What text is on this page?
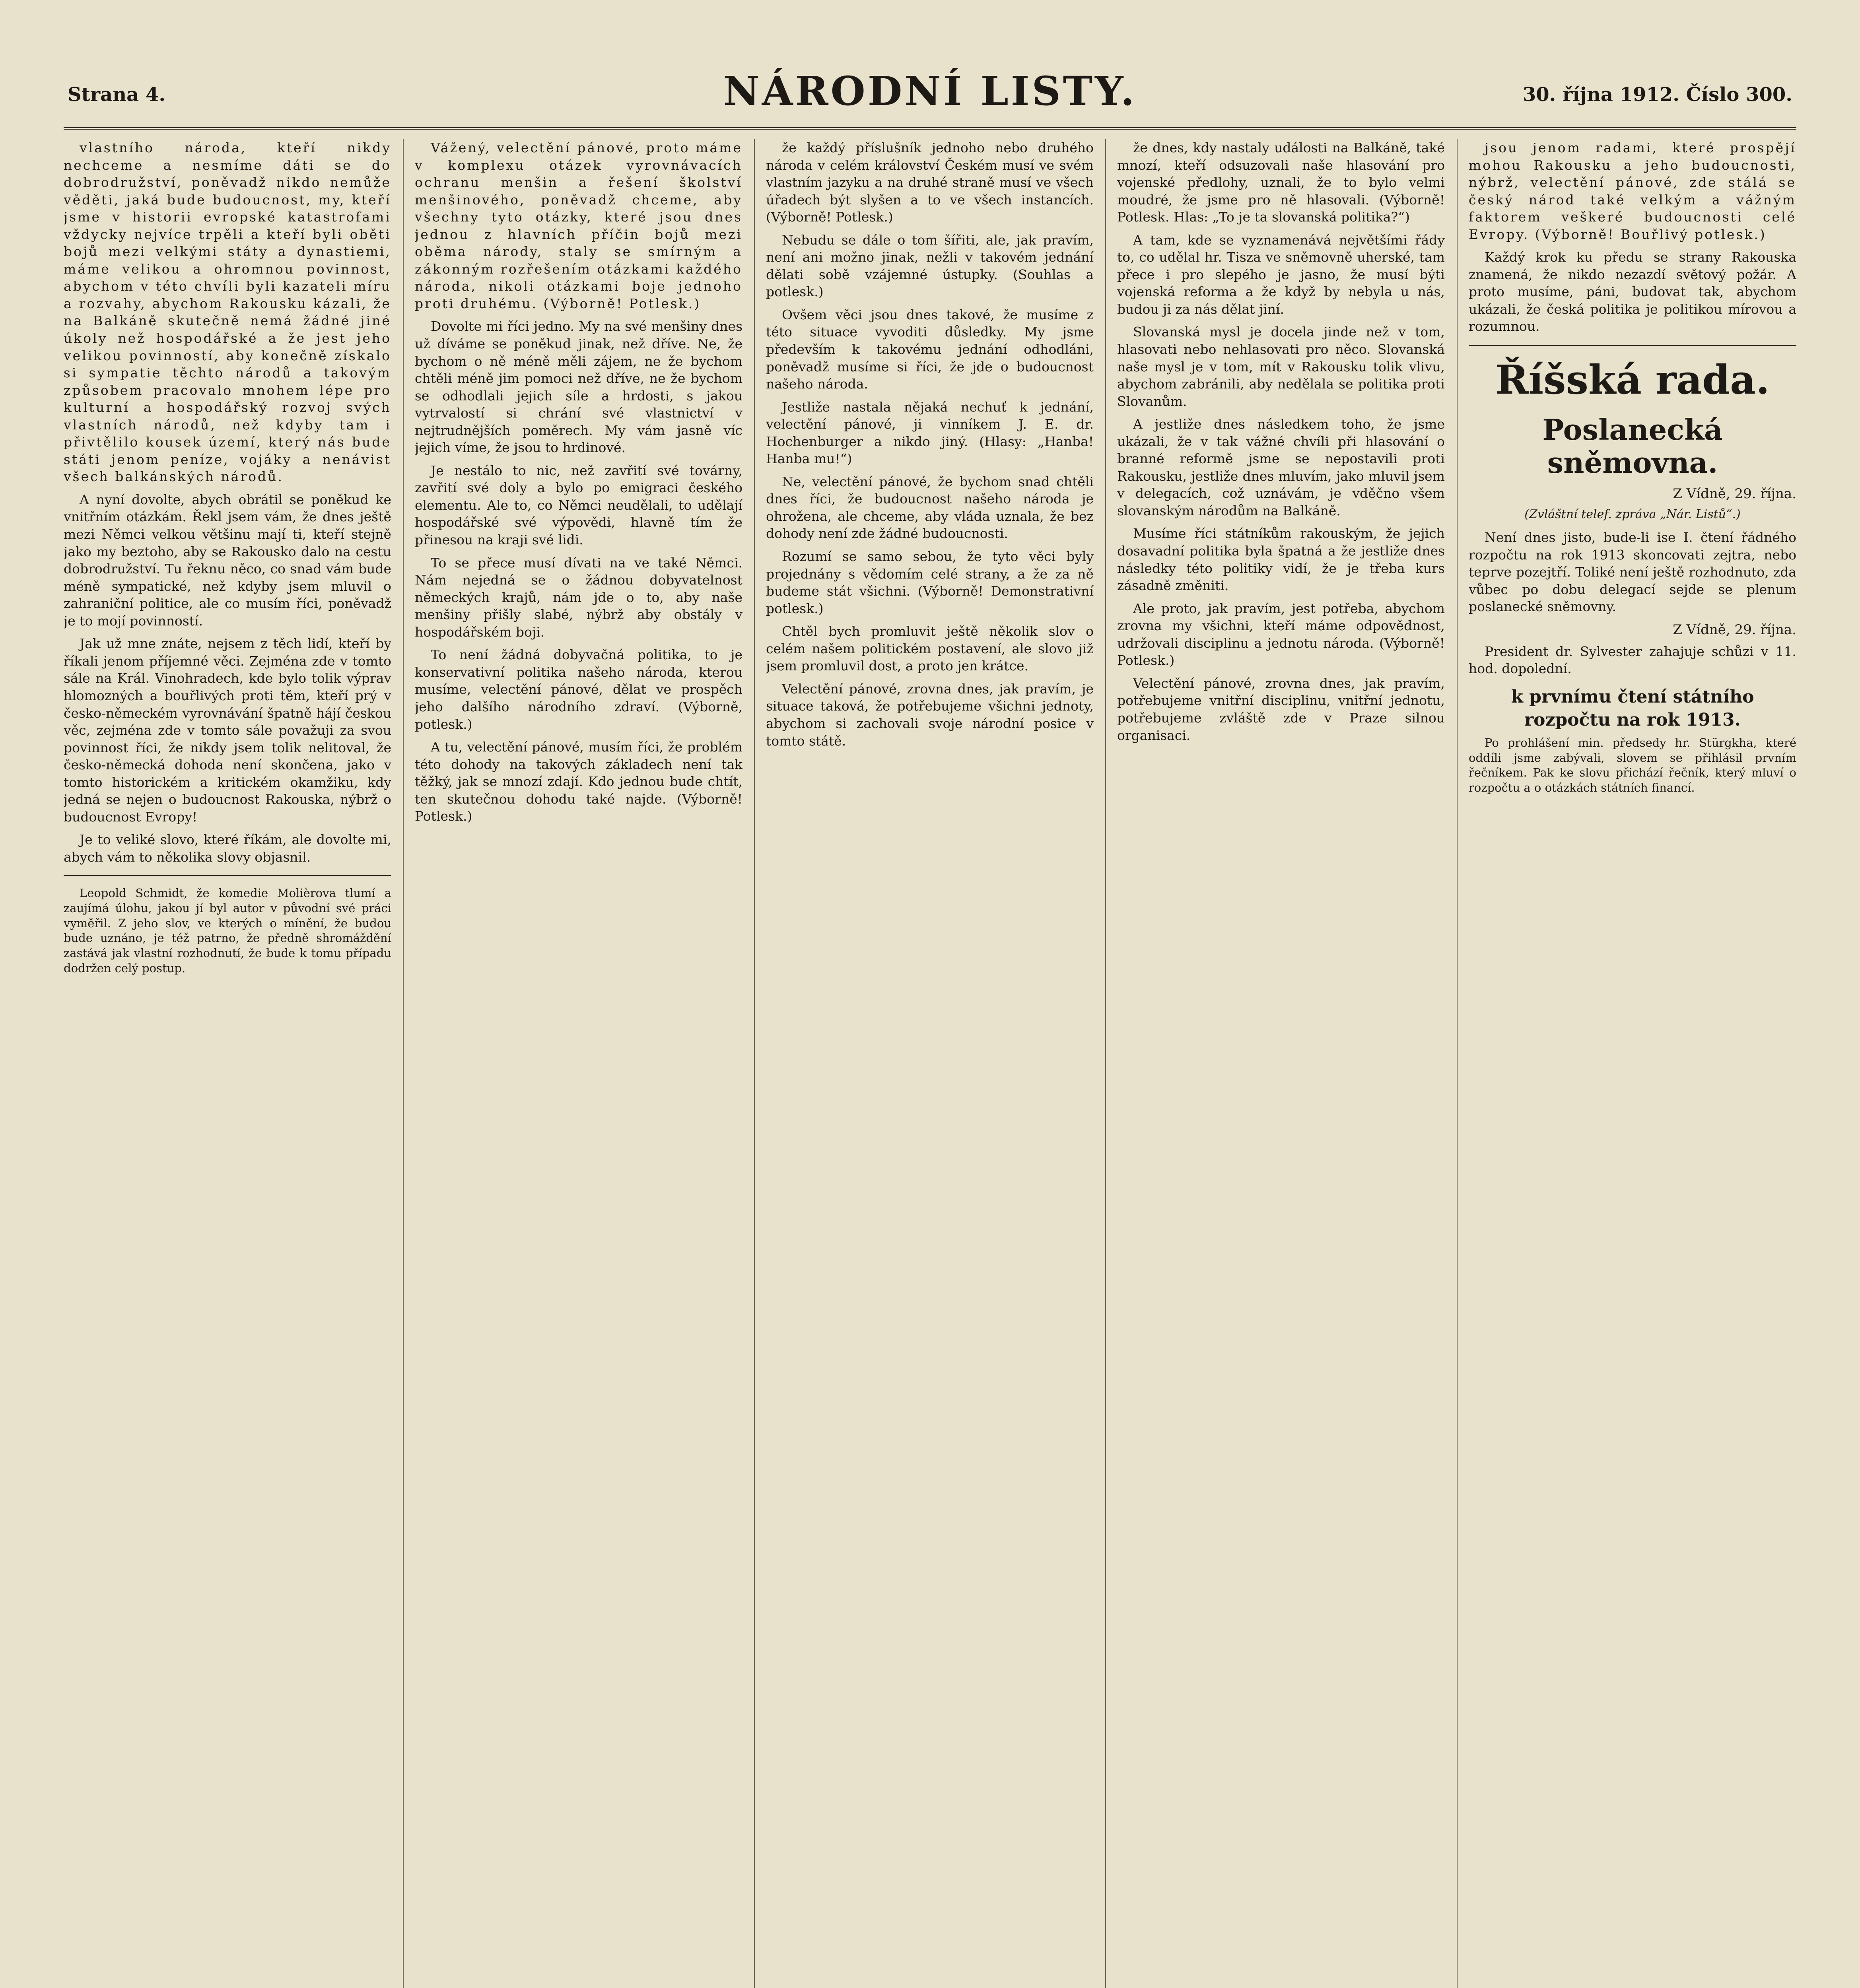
Strana 4.	NÁRODNÍ LISTY.	30. října 1912. Číslo 300.

vlastního národa, kteří nikdy nechceme a nesmíme dáti se do dobrodružství, poněvadž nikdo nemůže věděti, jaká bude budoucnost, my, kteří jsme v historii evropské katastrofami vždycky nejvíce trpěli a kteří byli oběti bojů mezi velkými státy a dynastiemi, máme velikou a ohromnou povinnost, abychom v této chvíli byli kazateli míru a rozvahy, abychom Rakousku kázali, že na Balkáně skutečně nemá žádné jiné úkoly než hospodářské a že jest jeho velikou povinností, aby konečně získalo si sympatie těchto národů a takovým způsobem pracovalo mnohem lépe pro kulturní a hospodářský rozvoj svých vlastních národů, než kdyby tam i přivtělilo kousek území, který nás bude státi jenom peníze, vojáky a nenávist všech balkánských národů.

A nyní dovolte, abych obrátil se poněkud ke vnitřním otázkám. Řekl jsem vám, že dnes ještě mezi Němci velkou většinu mají ti, kteří stejně jako my beztoho, aby se Rakousko dalo na cestu dobrodružství. Tu řeknu něco, co snad vám bude méně sympatické, než kdyby jsem mluvil o zahraniční politice, ale co musím říci, poněvadž je to mojí povinností.

Jak už mne znáte, nejsem z těch lidí, kteří by říkali jenom příjemné věci. Zejména zde v tomto sále na Král. Vinohradech, kde bylo tolik výprav hlomozných a bouřlivých proti těm, kteří prý v česko-německém vyrovnávání špatně hájí českou věc, zejména zde v tomto sále považuji za svou povinnost říci, že nikdy jsem tolik nelitoval, že česko-německá dohoda není skončena, jako v tomto historickém a kritickém okamžiku, kdy jedná se nejen o budoucnost Rakouska, nýbrž o budoucnost Evropy!

Je to veliké slovo, které říkám, ale dovolte mi, abych vám to několika slovy objasnil.

Leopold Schmidt, že komedie Molièrova tlumí a zaujímá úlohu, jakou jí byl autor v původní své práci vyměřil. Z jeho slov, ve kterých o mínění, že budou bude uznáno, je též patrno, že předně shromáždění zastává jak vlastní rozhodnutí, že bude k tomu případu dodržen celý postup.

Vážený, velectění pánové, proto máme v komplexu otázek vyrovnávacích ochranu menšin a řešení školství menšinového, poněvadž chceme, aby všechny tyto otázky, které jsou dnes jednou z hlavních příčin bojů mezi oběma národy, staly se smírným a zákonným rozřešením otázkami každého národa, nikoli otázkami boje jednoho proti druhému. (Výborně! Potlesk.)

Dovolte mi říci jedno. My na své menšiny dnes už díváme se poněkud jinak, než dříve. Ne, že bychom o ně méně měli zájem, ne že bychom chtěli méně jim pomoci než dříve, ne že bychom se odhodlali jejich síle a hrdosti, s jakou vytrvalostí si chrání své vlastnictví v nejtrudnějších poměrech. My vám jasně víc jejich víme, že jsou to hrdinové.

Je nestálo to nic, než zavřití své továrny, zavřití své doly a bylo po emigraci českého elementu. Ale to, co Němci neudělali, to udělají hospodářské své výpovědi, hlavně tím že přinesou na kraji své lidi.

To se přece musí dívati na ve také Němci. Nám nejedná se o žádnou dobyvatelnost německých krajů, nám jde o to, aby naše menšiny přišly slabé, nýbrž aby obstály v hospodářském boji.

To není žádná dobyvačná politika, to je konservativní politika našeho národa, kterou musíme, velectění pánové, dělat ve prospěch jeho dalšího národního zdraví. (Výborně, potlesk.)

A tu, velectění pánové, musím říci, že problém této dohody na takových základech není tak těžký, jak se mnozí zdají. Kdo jednou bude chtít, ten skutečnou dohodu také najde. (Výborně! Potlesk.)

že každý příslušník jednoho nebo druhého národa v celém království Českém musí ve svém vlastním jazyku a na druhé straně musí ve všech úřadech být slyšen a to ve všech instancích. (Výborně! Potlesk.)

Nebudu se dále o tom šířiti, ale, jak pravím, není ani možno jinak, nežli v takovém jednání dělati sobě vzájemné ústupky. (Souhlas a potlesk.)

Ovšem věci jsou dnes takové, že musíme z této situace vyvoditi důsledky. My jsme především k takovému jednání odhodláni, poněvadž musíme si říci, že jde o budoucnost našeho národa.

Jestliže nastala nějaká nechuť k jednání, velectění pánové, ji vinníkem J. E. dr. Hochenburger a nikdo jiný. (Hlasy: „Hanba! Hanba mu!“)

Ne, velectění pánové, že bychom snad chtěli dnes říci, že budoucnost našeho národa je ohrožena, ale chceme, aby vláda uznala, že bez dohody není zde žádné budoucnosti.

Rozumí se samo sebou, že tyto věci byly projednány s vědomím celé strany, a že za ně budeme stát všichni. (Výborně! Demonstrativní potlesk.)

Chtěl bych promluvit ještě několik slov o celém našem politickém postavení, ale slovo již jsem promluvil dost, a proto jen krátce.

Velectění pánové, zrovna dnes, jak pravím, je situace taková, že potřebujeme všichni jednoty, abychom si zachovali svoje národní posice v tomto státě.

že dnes, kdy nastaly události na Balkáně, také mnozí, kteří odsuzovali naše hlasování pro vojenské předlohy, uznali, že to bylo velmi moudré, že jsme pro ně hlasovali. (Výborně! Potlesk. Hlas: „To je ta slovanská politika?“)

A tam, kde se vyznamenává největšími řády to, co udělal hr. Tisza ve sněmovně uherské, tam přece i pro slepého je jasno, že musí býti vojenská reforma a že když by nebyla u nás, budou ji za nás dělat jiní.

Slovanská mysl je docela jinde než v tom, hlasovati nebo nehlasovati pro něco. Slovanská naše mysl je v tom, mít v Rakousku tolik vlivu, abychom zabránili, aby nedělala se politika proti Slovanům.

A jestliže dnes následkem toho, že jsme ukázali, že v tak vážné chvíli při hlasování o branné reformě jsme se nepostavili proti Rakousku, jestliže dnes mluvím, jako mluvil jsem v delegacích, což uznávám, je vděčno všem slovanským národům na Balkáně.

Musíme říci státníkům rakouským, že jejich dosavadní politika byla špatná a že jestliže dnes následky této politiky vidí, že je třeba kurs zásadně změniti.

Ale proto, jak pravím, jest potřeba, abychom zrovna my všichni, kteří máme odpovědnost, udržovali disciplinu a jednotu národa. (Výborně! Potlesk.)

Velectění pánové, zrovna dnes, jak pravím, potřebujeme vnitřní disciplinu, vnitřní jednotu, potřebujeme zvláště zde v Praze silnou organisaci.

jsou jenom radami, které prospějí mohou Rakousku a jeho budoucnosti, nýbrž, velectění pánové, zde stálá se český národ také velkým a vážným faktorem veškeré budoucnosti celé Evropy. (Výborně! Bouřlivý potlesk.)

Každý krok ku předu se strany Rakouska znamená, že nikdo nezazdí světový požár. A proto musíme, páni, budovat tak, abychom ukázali, že česká politika je politikou mírovou a rozumnou.

Říšská rada.
Poslanecká sněmovna.
Z Vídně, 29. října.
(Zvláštní telef. zpráva „Nár. Listů“.)

Není dnes jisto, bude-li ise I. čtení řádného rozpočtu na rok 1913 skoncovati zejtra, nebo teprve pozejtří. Toliké není ještě rozhodnuto, zda vůbec po dobu delegací sejde se plenum poslanecké sněmovny.

Z Vídně, 29. října.

President dr. Sylvester zahajuje schůzi v 11. hod. dopolední.

k prvnímu čtení státního rozpočtu na rok 1913.

Po prohlášení min. předsedy hr. Stürgkha, které oddíli jsme zabývali, slovem se přihlásil prvním řečníkem. Pak ke slovu přichází řečník, který mluví o rozpočtu a o otázkách státních financí.
